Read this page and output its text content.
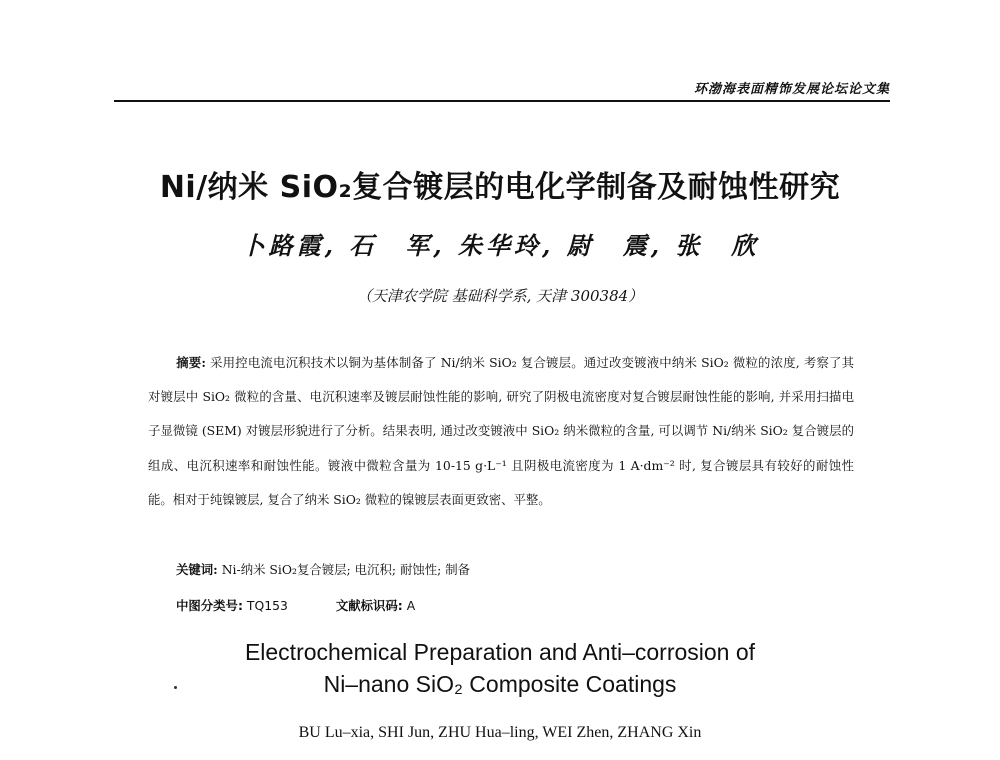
环渤海表面精饰发展论坛论文集
Ni/纳米 SiO₂复合镀层的电化学制备及耐蚀性研究
卜路霞, 石　军, 朱华玲, 尉　震, 张　欣
（天津农学院 基础科学系, 天津 300384）
摘要: 采用控电流电沉积技术以铜为基体制备了 Ni/纳米 SiO₂ 复合镀层。通过改变镀液中纳米 SiO₂ 微粒的浓度, 考察了其对镀层中 SiO₂ 微粒的含量、电沉积速率及镀层耐蚀性能的影响, 研究了阴极电流密度对复合镀层耐蚀性能的影响, 并采用扫描电子显微镜 (SEM) 对镀层形貌进行了分析。结果表明, 通过改变镀液中 SiO₂ 纳米微粒的含量, 可以调节 Ni/纳米 SiO₂ 复合镀层的组成、电沉积速率和耐蚀性能。镀液中微粒含量为 10-15 g·L⁻¹ 且阴极电流密度为 1 A·dm⁻² 时, 复合镀层具有较好的耐蚀性能。相对于纯镍镀层, 复合了纳米 SiO₂ 微粒的镍镀层表面更致密、平整。
关键词: Ni-纳米 SiO₂复合镀层; 电沉积; 耐蚀性; 制备
中图分类号: TQ153	文献标识码: A
Electrochemical Preparation and Anti–corrosion of
Ni–nano SiO₂ Composite Coatings
BU Lu–xia, SHI Jun, ZHU Hua–ling, WEI Zhen, ZHANG Xin
